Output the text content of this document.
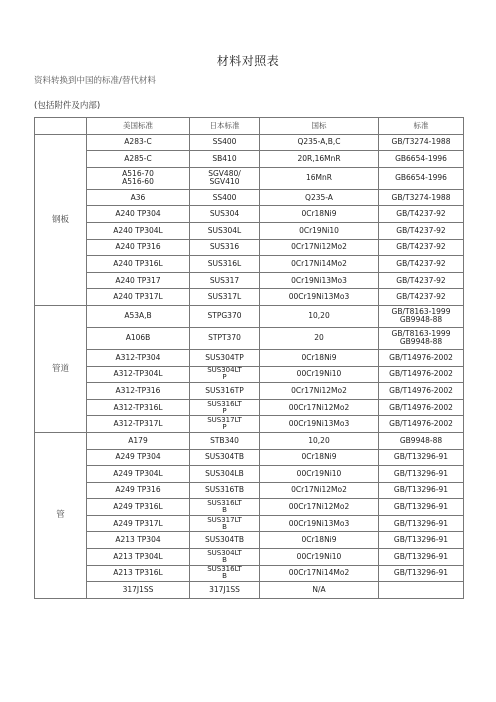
材料对照表
资料转换到中国的标准/替代材料
(包括附件及内部)
	美国标准	日本标准	国标	标准
钢板	A283-C	SS400	Q235-A,B,C	GB/T3274-1988
	A285-C	SB410	20R,16MnR	GB6654-1996
	A516-70
A516-60	SGV480/
SGV410	16MnR	GB6654-1996
	A36	SS400	Q235-A	GB/T3274-1988
	A240 TP304	SUS304	0Cr18Ni9	GB/T4237-92
	A240 TP304L	SUS304L	0Cr19Ni10	GB/T4237-92
	A240 TP316	SUS316	0Cr17Ni12Mo2	GB/T4237-92
	A240 TP316L	SUS316L	0Cr17Ni14Mo2	GB/T4237-92
	A240 TP317	SUS317	0Cr19Ni13Mo3	GB/T4237-92
	A240 TP317L	SUS317L	00Cr19Ni13Mo3	GB/T4237-92
管道	A53A,B	STPG370	10,20	GB/T8163-1999
GB9948-88
	A106B	STPT370	20	GB/T8163-1999
GB9948-88
	A312-TP304	SUS304TP	0Cr18Ni9	GB/T14976-2002
	A312-TP304L	SUS304LT
P	00Cr19Ni10	GB/T14976-2002
	A312-TP316	SUS316TP	0Cr17Ni12Mo2	GB/T14976-2002
	A312-TP316L	SUS316LT
P	00Cr17Ni12Mo2	GB/T14976-2002
	A312-TP317L	SUS317LT
P	00Cr19Ni13Mo3	GB/T14976-2002
管	A179	STB340	10,20	GB9948-88
	A249 TP304	SUS304TB	0Cr18Ni9	GB/T13296-91
	A249 TP304L	SUS304LB	00Cr19Ni10	GB/T13296-91
	A249 TP316	SUS316TB	0Cr17Ni12Mo2	GB/T13296-91
	A249 TP316L	SUS316LT
B	00Cr17Ni12Mo2	GB/T13296-91
	A249 TP317L	SUS317LT
B	00Cr19Ni13Mo3	GB/T13296-91
	A213 TP304	SUS304TB	0Cr18Ni9	GB/T13296-91
	A213 TP304L	SUS304LT
B	00Cr19Ni10	GB/T13296-91
	A213 TP316L	SUS316LT
B	00Cr17Ni14Mo2	GB/T13296-91
	317J1SS	317J1SS	N/A	
